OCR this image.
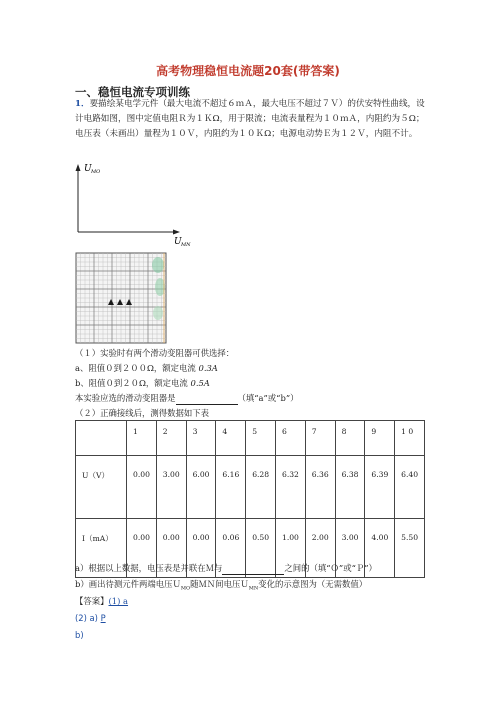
高考物理稳恒电流题20套(带答案)
一、稳恒电流专项训练
1．要描绘某电学元件（最大电流不超过６ｍＡ，最大电压不超过７Ｖ）的伏安特性曲线，设计电路如图，图中定值电阻Ｒ为１ＫΩ，用于限流；电流表量程为１０ｍＡ，内阻约为５Ω；电压表（未画出）量程为１０Ｖ，内阻约为１０ＫΩ；电源电动势Ｅ为１２Ｖ，内阻不计。
U MO
U MN
（１）实验时有两个滑动变阻器可供选择：
a、阻值０到２００Ω，额定电流 0.3A
b、阻值０到２０Ω，额定电流 0.5A
本实验应选的滑动变阻器是	（填“a”或“b”）
（２）正确接线后，测得数据如下表
	1	2	3	4	5	6	7	8	9	1 0
U（V）	0.00	3.00	6.00	6.16	6.28	6.32	6.36	6.38	6.39	6.40
I（mA）	0.00	0.00	0.00	0.06	0.50	1.00	2.00	3.00	4.00	5.50
a）根据以上数据，电压表是并联在Ｍ与	之间的（填“Ｏ”或“Ｐ”）
b）画出待测元件两端电压Ｕ$_{MO}$随ＭＮ间电压Ｕ$_{MN}$变化的示意图为（无需数值）
【答案】(1) a
(2) a) P
b)
